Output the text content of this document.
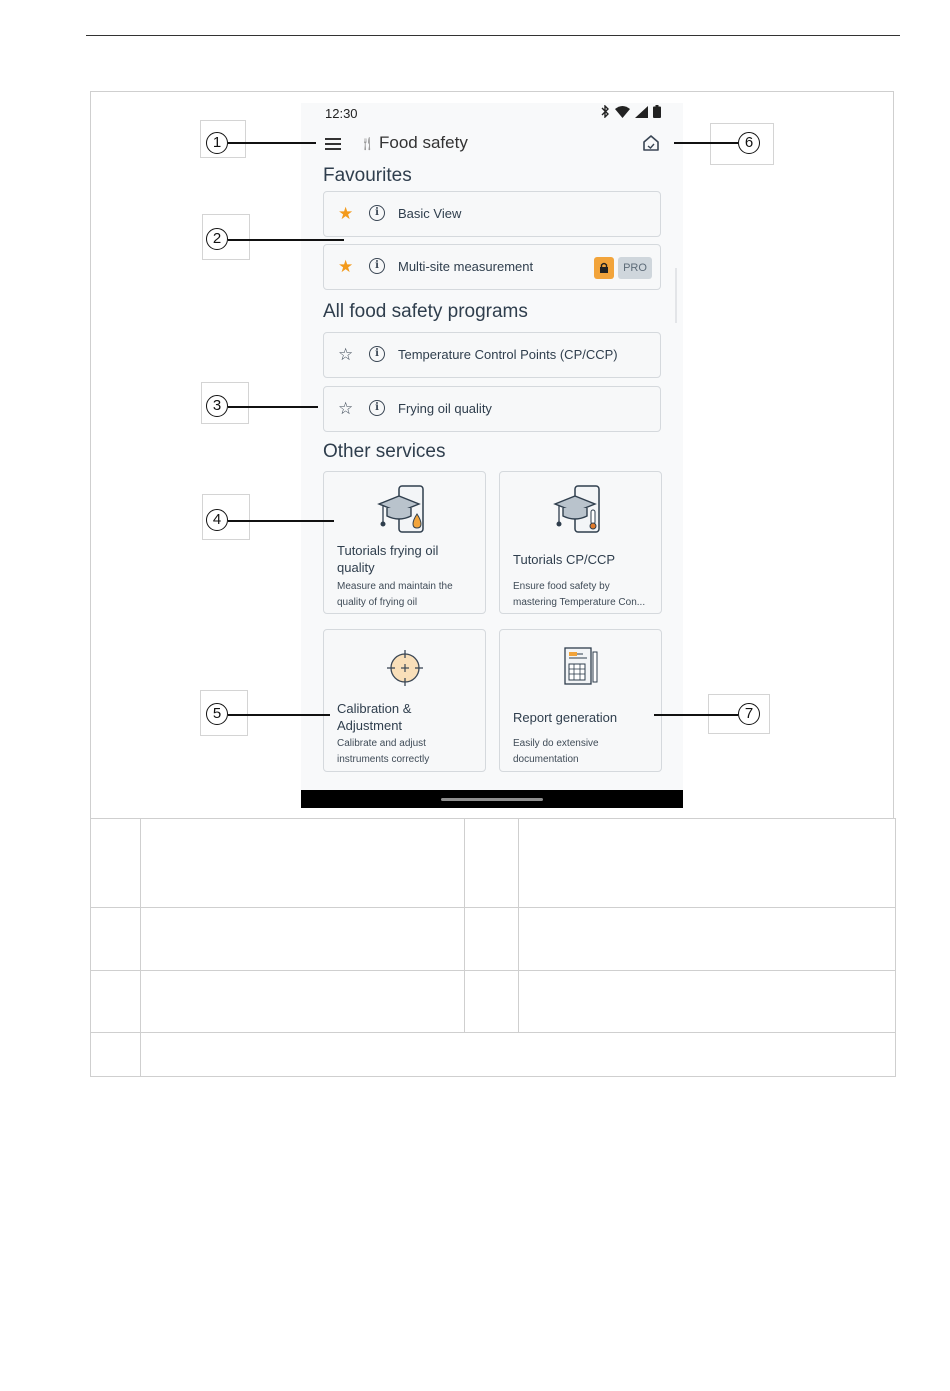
12:30
🍴︎ Food safety
Favourites
★	i	Basic View
★	i	Multi-site measurement	PRO
All food safety programs
☆	i	Temperature Control Points (CP/CCP)
☆	i	Frying oil quality
Other services
Tutorials frying oil quality
Measure and maintain the quality of frying oil
Tutorials CP/CCP
Ensure food safety by mastering Temperature Con...
Calibration & Adjustment
Calibrate and adjust instruments correctly
Report generation
Easily do extensive documentation
1
2
3
4
5
6
7
